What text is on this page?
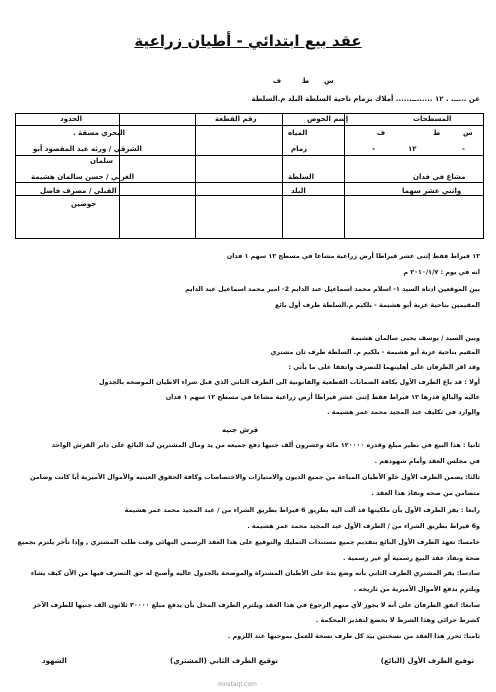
عقد بيع ابتدائي - أطيان زراعية
س
ط
ف
عن ...ــ. . ١٢ ......ــ...... أملاك بزمام ناحية السلطة البلد م.السلطة
المسطحات
إسم الحوض
رقم القطعة
الحدود
س
ط
ف
المياه
البحري مسقة .
-
١٢
-
زمام
الشرقي / ورثه عبد المقصود أبو
سلمان
مشاع في فدان
السلطة
الغربي / حسن سالمان هشيمة
واثني عشر سهما
البلد
القبلي / مصرف فاصل
حوضين
١٢ قيراط فقط إثنى عشر قيراطا أرض زراعية مشاعا في مسطح ١٢ سهم ١ فدان
انه في يوم : ٢٠١٠/١/٧ م
بين الموقعين ادناه السيد ١- اسلام محمد اسماعيل عبد الدايم 2- امير محمد اسماعيل عبد الدايم
المقيمين بناحية عزبة أبو هشيمة - بلكيم م.السلطة طرف أول بائع
وبين السيد / يوسف يحيى سالمان هشيمة
المقيم بناحية عزبة أبو هشيمة - بلكيم م. السلطة طرف ثان مشتري
وقد اقر الطرفان على أهليتهما للتصرف واتفقا على ما يأتي :
أولا : قد باع الطرف الأول بكافة الضمانات القطعية والقانونية الى الطرف الثاني الذي قبل شراء الاطيان الموضحه بالجدول
عاليه والبالغ قدرها ١٢ قيراط فقط إثنى عشر قيراطا أرض زراعية مشاعا في مسطح ١٢ سهم ١ فدان
والوارد في تكليف عبد المجيد محمد عمر هشيمة .
قرش جنيه
ثانيا : هذا البيع في نظير مبلغ وقدره ١٢٠٠٠٠ مائة وعشرون ألف جنيها دفع جميعه من يد ومال المشترين ليد البائع على دابر القرش الواحد
في مجلس العقد وأمام شهودهم .
ثالثا: يضمن الطرف الأول خلو الأطيان المباعة من جميع الديون والامتيازات والاختصاصات وكافة الحقوق العينيه والأموال الأميرية أيا كانت وضامن
متضامن من صحه ونفاذ هذا العقد .
رابعا : يقر الطرف الأول بأن ملكيتها قد آلت اليه بطريق 6 قيراط بطريق الشراء من / عبد المجيد محمد عمر هشيمة
و6 قيراط بطريق الشراء من / الطرف الأول عبد المجيد محمد عمر هشيمة .
خامسا: تعهد الطرف الأول البائع بتقديم جميع مستندات التمليك والتوقيع على هذا العقد الرسمي النهائي وقت طلب المشتري , وإذا تأخر يلتزم بجميع
صحة ونفاذ عقد البيع رسمية أو غير رسمية .
سادسا: يقر المشتري الطرف الثاني بأنه وضع يدة على الأطيان المشتراة والموضحة بالجدول عاليه وأصبح له حق التصرف فيها من الآن كيف يشاء
ويلتزم بدفع الأموال الأميرية من تاريخه .
سابعا: اتفق الطرفان على أنه لا يجوز لأي منهم الرجوع في هذا العقد ويلتزم الطرف المخل بأن يدفع مبلغ ٣٠٠٠٠ ثلاثون الف جنيها للطرف الآخر
كشرط جزائي وهذا الشرط لا يخضع لتقدير المحكمة .
ثامنا: تحرر هذا العقد من نسختين بيد كل طرف نسخة للعمل بموجبها عند اللزوم .
توقيع الطرف الأول (البائع)
توقيع الطرف الثاني (المشتري)
الشهود
mostaql.com
